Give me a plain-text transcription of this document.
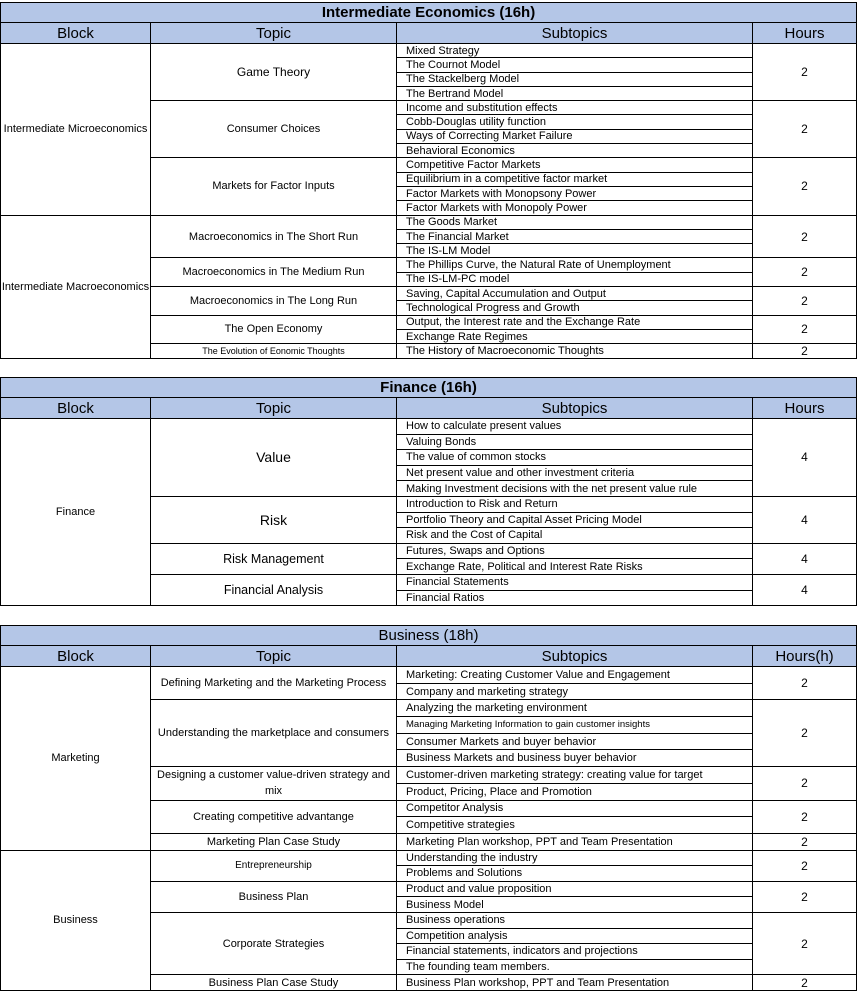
Intermediate Economics (16h)			
Block	Topic	Subtopics	Hours
Intermediate Microeconomics	Game Theory	Mixed Strategy	2
		The Cournot Model	
		The Stackelberg Model	
		The Bertrand Model	
	Consumer Choices	Income and substitution effects	2
		Cobb-Douglas utility function	
		Ways of Correcting Market Failure	
		Behavioral Economics	
	Markets for Factor Inputs	Competitive Factor Markets	2
		Equilibrium in a competitive factor market	
		Factor Markets with Monopsony Power	
		Factor Markets with Monopoly Power	
Intermediate Macroeconomics	Macroeconomics in The Short Run	The Goods Market	2
		The Financial Market	
		The IS-LM Model	
	Macroeconomics in The Medium Run	The Phillips Curve, the Natural Rate of Unemployment	2
		The IS-LM-PC model	
	Macroeconomics in The Long Run	Saving, Capital Accumulation and Output	2
		Technological Progress and Growth	
	The Open Economy	Output, the Interest rate and the Exchange Rate	2
		Exchange Rate Regimes	
	The Evolution of Eonomic Thoughts	The History of Macroeconomic Thoughts	2
Finance (16h)			
Block	Topic	Subtopics	Hours
Finance	Value	How to calculate present values	4
		Valuing Bonds	
		The value of common stocks	
		Net present value and other investment criteria	
		Making Investment decisions with the net present value rule	
	Risk	Introduction to Risk and Return	4
		Portfolio Theory and Capital Asset Pricing Model	
		Risk and the Cost of Capital	
	Risk Management	Futures, Swaps and Options	4
		Exchange Rate, Political and Interest Rate Risks	
	Financial Analysis	Financial Statements	4
		Financial Ratios	
Business (18h)			
Block	Topic	Subtopics	Hours(h)
Marketing	Defining Marketing and the Marketing Process	Marketing: Creating Customer Value and Engagement	2
		Company and marketing strategy	
	Understanding the marketplace and consumers	Analyzing the marketing environment	2
		Managing Marketing Information to gain customer insights	
		Consumer Markets and buyer behavior	
		Business Markets and business buyer behavior	
	Designing a customer value-driven strategy and mix	Customer-driven marketing strategy: creating value for target	2
		Product, Pricing, Place and Promotion	
	Creating competitive advantange	Competitor Analysis	2
		Competitive strategies	
	Marketing Plan Case Study	Marketing Plan workshop, PPT and Team Presentation	2
Business	Entrepreneurship	Understanding the industry	2
		Problems and Solutions	
	Business Plan	Product and value proposition	2
		Business Model	
	Corporate Strategies	Business operations	2
		Competition analysis	
		Financial statements, indicators and projections	
		The founding team members.	
	Business Plan Case Study	Business Plan workshop, PPT and Team Presentation	2
